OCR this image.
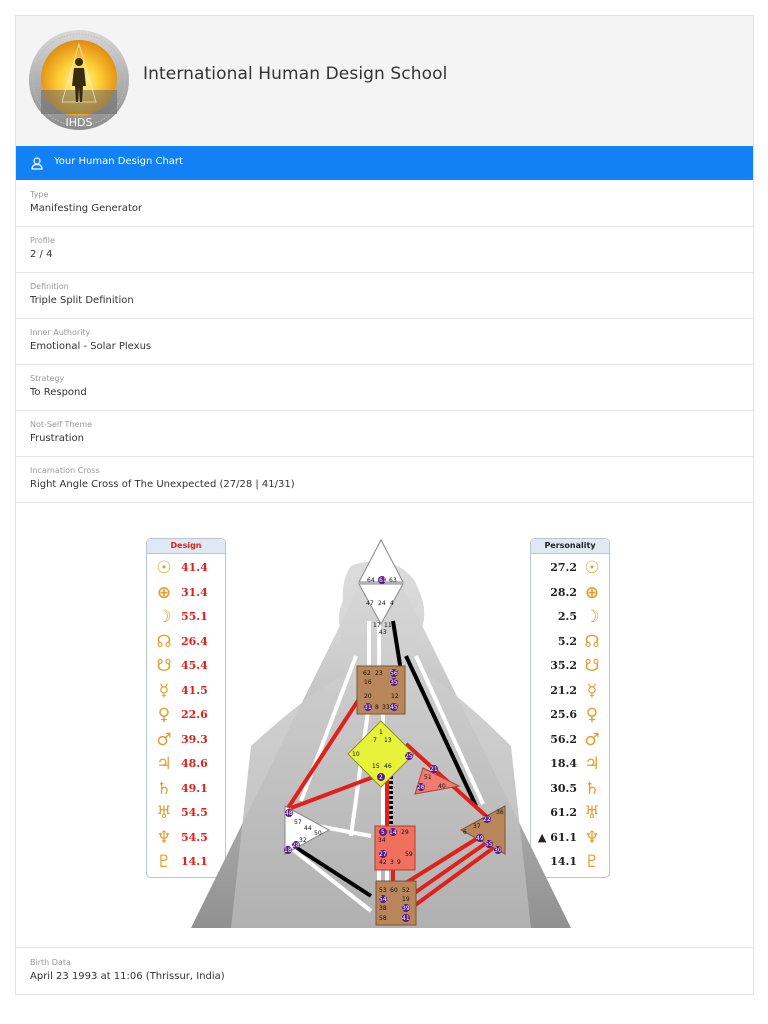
IHDS
International Human Design School
Your Human Design Chart
Type
Manifesting Generator
Profile
2 / 4
Definition
Triple Split Definition
Inner Authority
Emotional - Solar Plexus
Strategy
To Respond
Not-Self Theme
Frustration
Incarnation Cross
Right Angle Cross of The Unexpected (27/28 | 41/31)
Design
☉ 41.4
⊕ 31.4
☽ 55.1
☊ 26.4
☋ 45.4
☿	41.5
♀ 22.6
♂ 39.3
♃ 48.6
♄ 49.1
♅ 54.5
♆ 54.5
♇ 14.1
Personality
27.2 ☉
28.2 ⊕
2.5 ☽
5.2 ☊
35.2 ☋
21.2 ☿
25.6 ♀
56.2 ♂
18.4 ♃
30.5 ♄
61.2 ♅
▲ 61.1 ♆
14.1 ♇
64 61 63
47 24 4
17 11
43
62 23 56
16	35
20	12
31 8 33 45
1
7 13
10	25
15 46
2
21
51
26 40
48
57
44
50
32
28
18
5 14 29
34
27	59
42 3 9
22
36
37
6
49
55
30
53 60 52
54	19
38	39
58	41
Birth Data
April 23 1993 at 11:06 (Thrissur, India)
